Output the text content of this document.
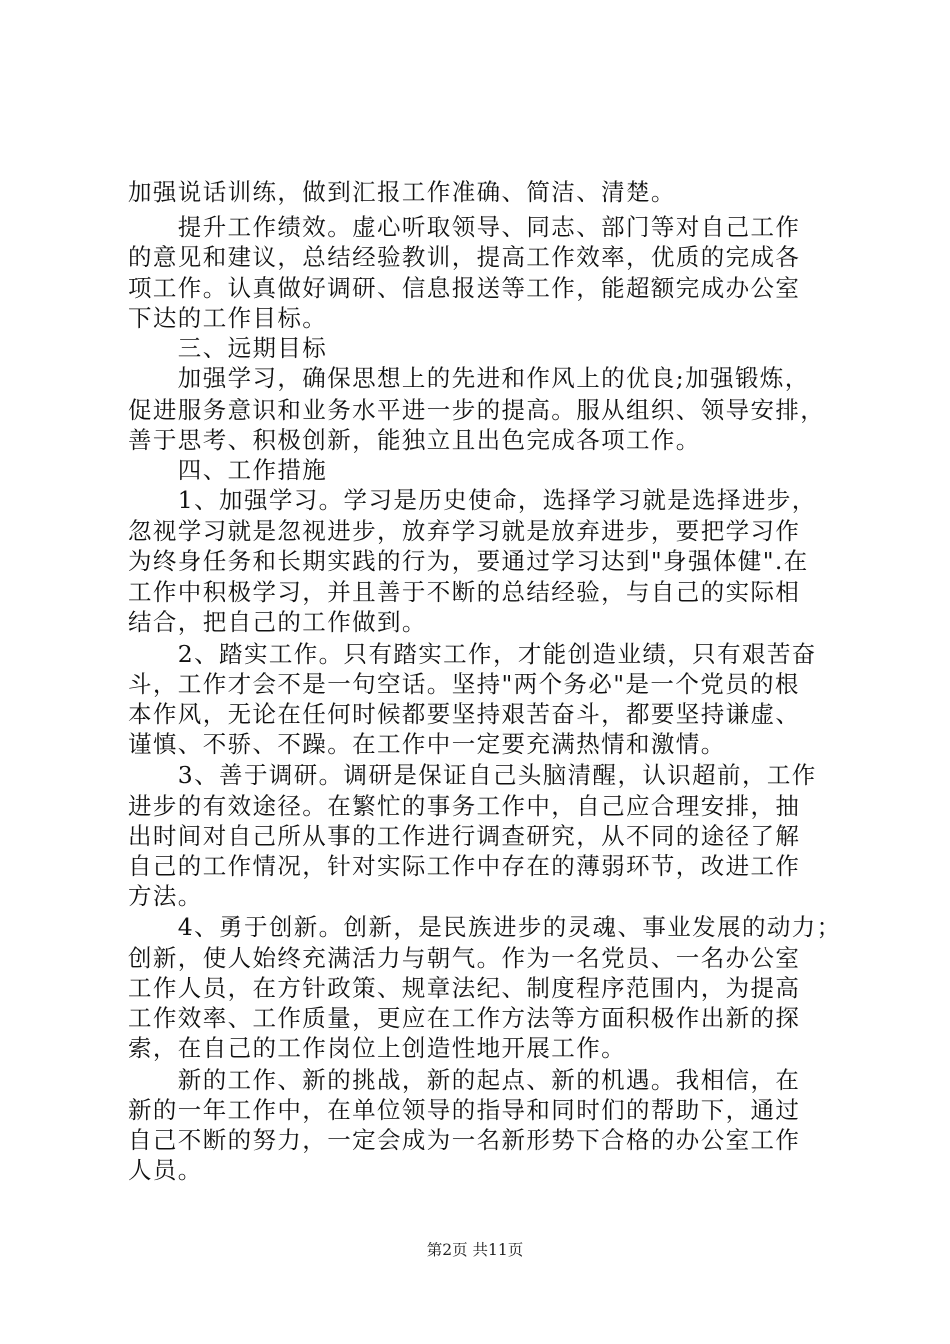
加强说话训练，做到汇报工作准确、简洁、清楚。
　　提升工作绩效。虚心听取领导、同志、部门等对自己工作
的意见和建议，总结经验教训，提高工作效率，优质的完成各
项工作。认真做好调研、信息报送等工作，能超额完成办公室
下达的工作目标。
　　三、远期目标
　　加强学习，确保思想上的先进和作风上的优良;加强锻炼，
促进服务意识和业务水平进一步的提高。服从组织、领导安排，
善于思考、积极创新，能独立且出色完成各项工作。
　　四、工作措施
　　1、加强学习。学习是历史使命，选择学习就是选择进步，
忽视学习就是忽视进步，放弃学习就是放弃进步，要把学习作
为终身任务和长期实践的行为，要通过学习达到"身强体健".在
工作中积极学习，并且善于不断的总结经验，与自己的实际相
结合，把自己的工作做到。
　　2、踏实工作。只有踏实工作，才能创造业绩，只有艰苦奋
斗，工作才会不是一句空话。坚持"两个务必"是一个党员的根
本作风，无论在任何时候都要坚持艰苦奋斗，都要坚持谦虚、
谨慎、不骄、不躁。在工作中一定要充满热情和激情。
　　3、善于调研。调研是保证自己头脑清醒，认识超前，工作
进步的有效途径。在繁忙的事务工作中，自己应合理安排，抽
出时间对自己所从事的工作进行调查研究，从不同的途径了解
自己的工作情况，针对实际工作中存在的薄弱环节，改进工作
方法。
　　4、勇于创新。创新，是民族进步的灵魂、事业发展的动力；
创新，使人始终充满活力与朝气。作为一名党员、一名办公室
工作人员，在方针政策、规章法纪、制度程序范围内，为提高
工作效率、工作质量，更应在工作方法等方面积极作出新的探
索，在自己的工作岗位上创造性地开展工作。
　　新的工作、新的挑战，新的起点、新的机遇。我相信，在
新的一年工作中，在单位领导的指导和同时们的帮助下，通过
自己不断的努力，一定会成为一名新形势下合格的办公室工作
人员。
第2页 共11页
